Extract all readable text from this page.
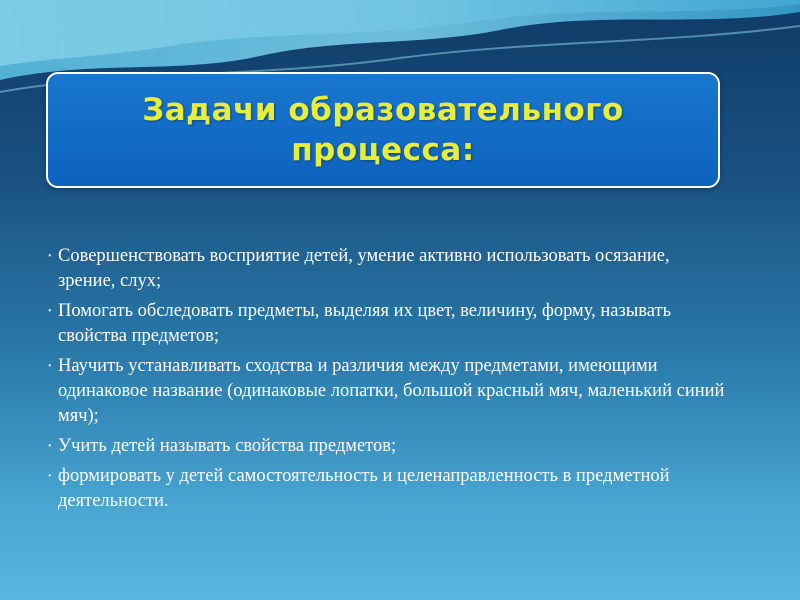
Задачи образовательного
процесса:
• Совершенствовать восприятие детей, умение активно использовать осязание, зрение, слух;
• Помогать обследовать предметы, выделяя их цвет, величину, форму, называть свойства предметов;
• Научить устанавливать сходства и различия между предметами, имеющими одинаковое название (одинаковые лопатки, большой красный мяч, маленький синий мяч);
• Учить детей называть свойства предметов;
• формировать у детей самостоятельность и целенаправленность в предметной деятельности.
